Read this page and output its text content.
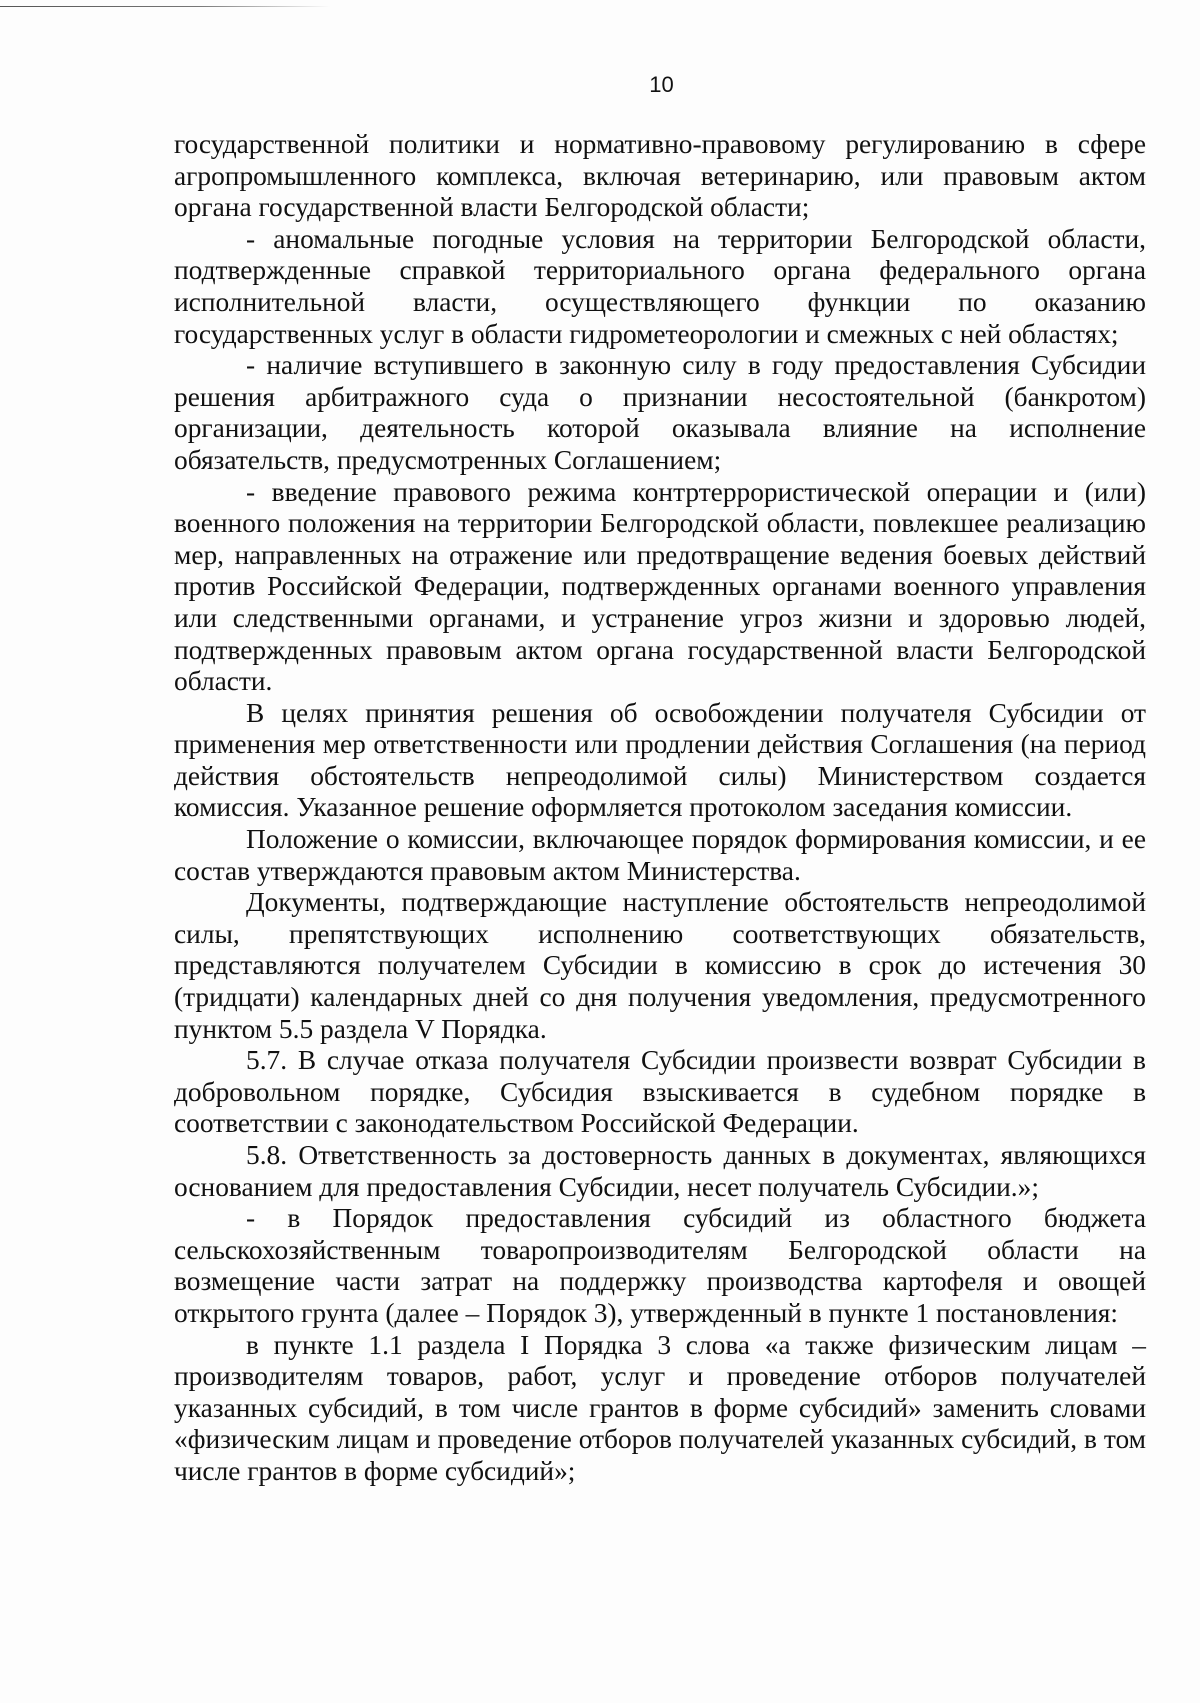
10

государственной политики и нормативно-правовому регулированию в сфере агропромышленного комплекса, включая ветеринарию, или правовым актом органа государственной власти Белгородской области;

- аномальные погодные условия на территории Белгородской области, подтвержденные справкой территориального органа федерального органа исполнительной власти, осуществляющего функции по оказанию государственных услуг в области гидрометеорологии и смежных с ней областях;

- наличие вступившего в законную силу в году предоставления Субсидии решения арбитражного суда о признании несостоятельной (банкротом) организации, деятельность которой оказывала влияние на исполнение обязательств, предусмотренных Соглашением;

- введение правового режима контртеррористической операции и (или) военного положения на территории Белгородской области, повлекшее реализацию мер, направленных на отражение или предотвращение ведения боевых действий против Российской Федерации, подтвержденных органами военного управления или следственными органами, и устранение угроз жизни и здоровью людей, подтвержденных правовым актом органа государственной власти Белгородской области.

В целях принятия решения об освобождении получателя Субсидии от применения мер ответственности или продлении действия Соглашения (на период действия обстоятельств непреодолимой силы) Министерством создается комиссия. Указанное решение оформляется протоколом заседания комиссии.

Положение о комиссии, включающее порядок формирования комиссии, и ее состав утверждаются правовым актом Министерства.

Документы, подтверждающие наступление обстоятельств непреодолимой силы, препятствующих исполнению соответствующих обязательств, представляются получателем Субсидии в комиссию в срок до истечения 30 (тридцати) календарных дней со дня получения уведомления, предусмотренного пунктом 5.5 раздела V Порядка.

5.7. В случае отказа получателя Субсидии произвести возврат Субсидии в добровольном порядке, Субсидия взыскивается в судебном порядке в соответствии с законодательством Российской Федерации.

5.8. Ответственность за достоверность данных в документах, являющихся основанием для предоставления Субсидии, несет получатель Субсидии.»;

- в Порядок предоставления субсидий из областного бюджета сельскохозяйственным товаропроизводителям Белгородской области на возмещение части затрат на поддержку производства картофеля и овощей открытого грунта (далее – Порядок 3), утвержденный в пункте 1 постановления:

в пункте 1.1 раздела I Порядка 3 слова «а также физическим лицам – производителям товаров, работ, услуг и проведение отборов получателей указанных субсидий, в том числе грантов в форме субсидий» заменить словами «физическим лицам и проведение отборов получателей указанных субсидий, в том числе грантов в форме субсидий»;
